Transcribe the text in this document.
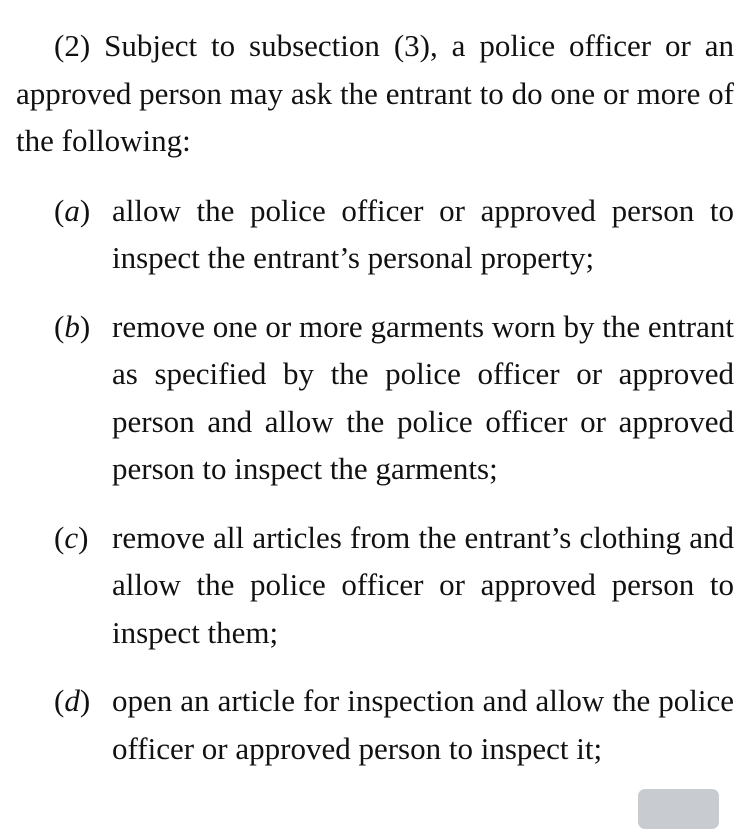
(2) Subject to subsection (3), a police officer or an approved person may ask the entrant to do one or more of the following:

(a) allow the police officer or approved person to inspect the entrant’s personal property;
(b) remove one or more garments worn by the entrant as specified by the police officer or approved person and allow the police officer or approved person to inspect the garments;
(c) remove all articles from the entrant’s clothing and allow the police officer or approved person to inspect them;
(d) open an article for inspection and allow the police officer or approved person to inspect it;
